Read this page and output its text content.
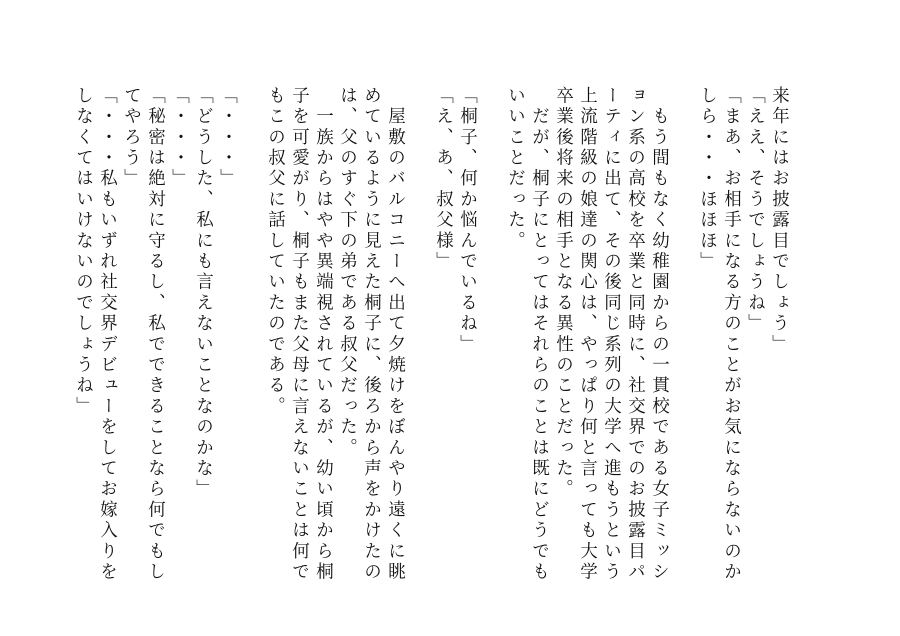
来年にはお披露目でしょう」
「ええ、そうでしょうね」
「まあ、お相手になる方のことがお気にならないのか
しら・・・ほほほ」
　もう間もなく幼稚園からの一貫校である女子ミッシ
ョン系の高校を卒業と同時に、社交界でのお披露目パ
ーティに出て、その後同じ系列の大学へ進もうという
上流階級の娘達の関心は、やっぱり何と言っても大学
卒業後将来の相手となる異性のことだった。
　だが、桐子にとってはそれらのことは既にどうでも
いいことだった。
「桐子、何か悩んでいるね」
「え、あ、叔父様」
　屋敷のバルコニーへ出て夕焼けをぼんやり遠くに眺
めているように見えた桐子に、後ろから声をかけたの
は、父のすぐ下の弟である叔父だった。
　一族からはやや異端視されているが、幼い頃から桐
子を可愛がり、桐子もまた父母に言えないことは何で
もこの叔父に話していたのである。
「・・・」
「どうした、私にも言えないことなのかな」
「・・・」
「秘密は絶対に守るし、私でできることなら何でもし
てやろう」
「・・・私もいずれ社交界デビューをしてお嫁入りを
しなくてはいけないのでしょうね」
